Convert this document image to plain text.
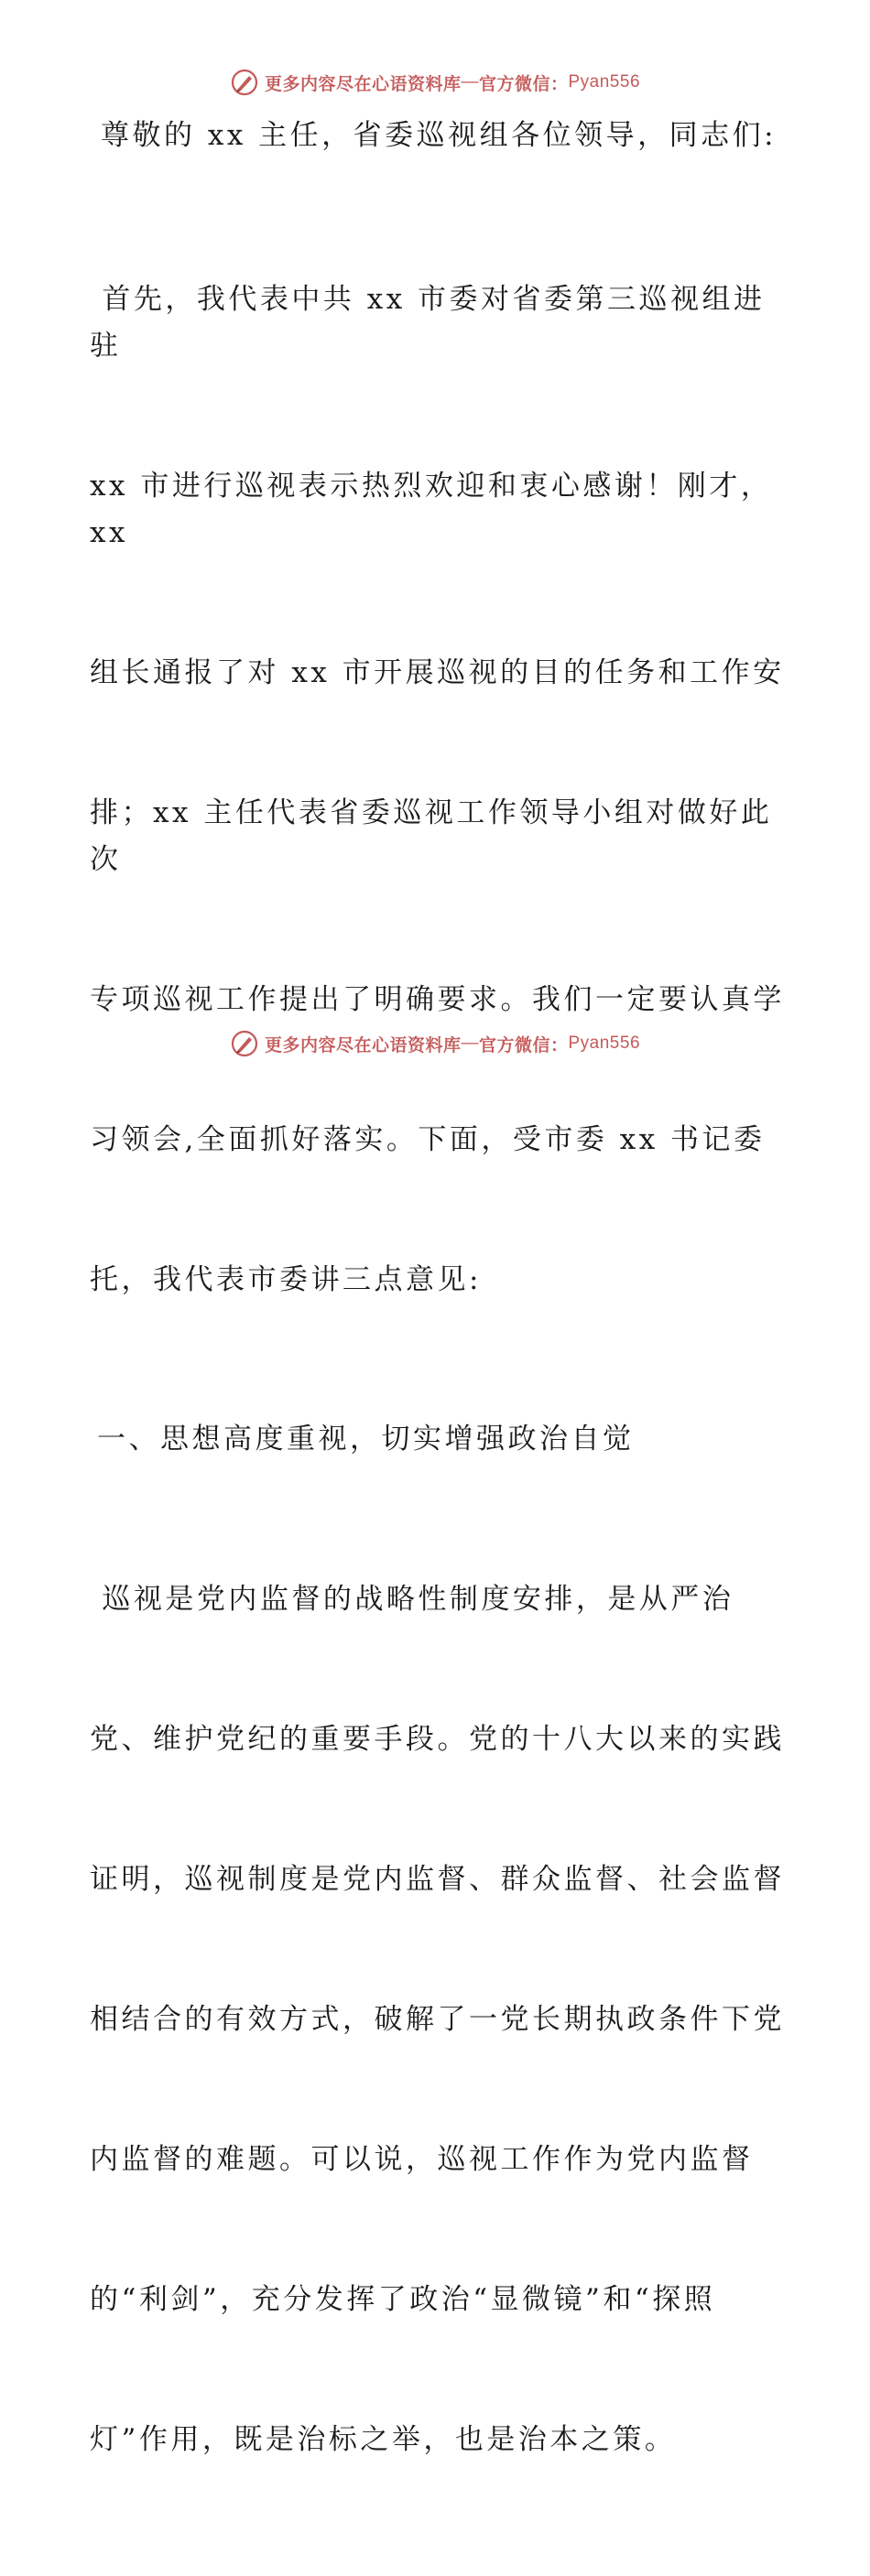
更多内容尽在心语资料库 — 官方微信： Pyan556

尊敬的 xx 主任，省委巡视组各位领导，同志们:

首先，我代表中共 xx 市委对省委第三巡视组进驻

xx 市进行巡视表示热烈欢迎和衷心感谢！刚才，xx

组长通报了对 xx 市开展巡视的目的任务和工作安

排；xx 主任代表省委巡视工作领导小组对做好此次

专项巡视工作提出了明确要求。我们一定要认真学

习领会,全面抓好落实。下面，受市委 xx 书记委

托，我代表市委讲三点意见:

一、思想高度重视，切实增强政治自觉

巡视是党内监督的战略性制度安排，是从严治

党、维护党纪的重要手段。党的十八大以来的实践

证明，巡视制度是党内监督、群众监督、社会监督

相结合的有效方式，破解了一党长期执政条件下党

内监督的难题。可以说，巡视工作作为党内监督

的“利剑”，充分发挥了政治“显微镜”和“探照

灯”作用，既是治标之举，也是治本之策。

更多内容尽在心语资料库 — 官方微信： Pyan556
